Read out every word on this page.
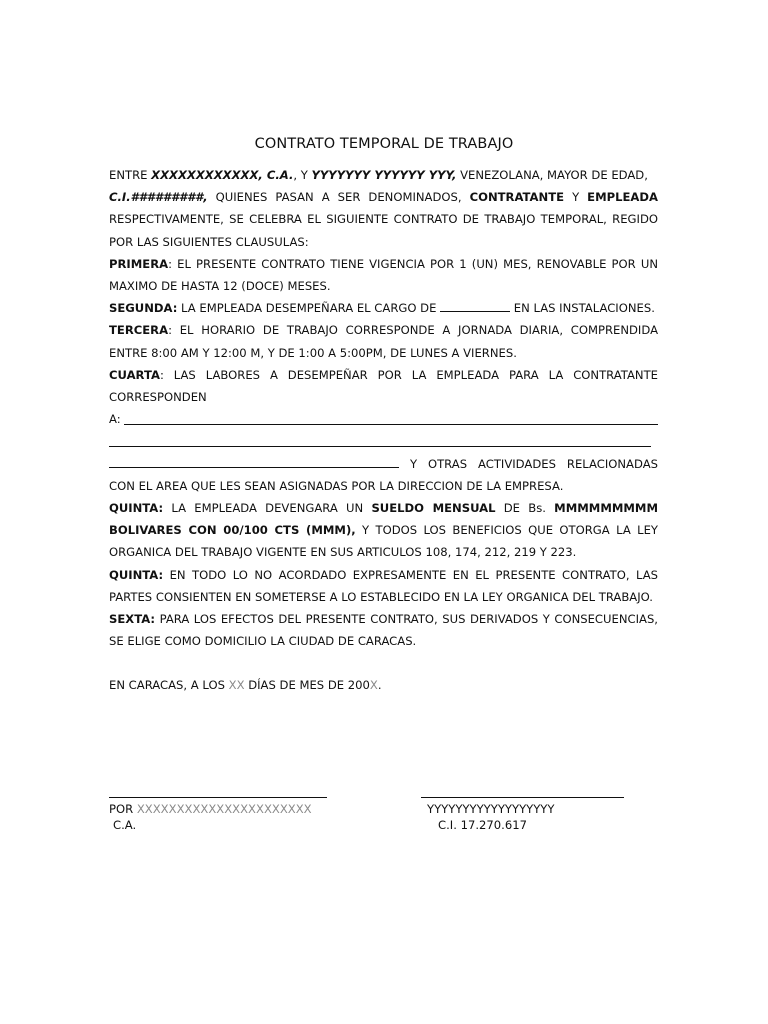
CONTRATO TEMPORAL DE TRABAJO
ENTRE XXXXXXXXXXXX, C.A., Y YYYYYYY YYYYYY YYY, VENEZOLANA, MAYOR DE EDAD,
C.I.#########, QUIENES PASAN A SER DENOMINADOS, CONTRATANTE Y EMPLEADA RESPECTIVAMENTE, SE CELEBRA EL SIGUIENTE CONTRATO DE TRABAJO TEMPORAL, REGIDO POR LAS SIGUIENTES CLAUSULAS:
PRIMERA: EL PRESENTE CONTRATO TIENE VIGENCIA POR 1 (UN) MES, RENOVABLE POR UN MAXIMO DE HASTA 12 (DOCE) MESES.
SEGUNDA: LA EMPLEADA DESEMPEÑARA EL CARGO DE	EN LAS INSTALACIONES.
TERCERA: EL HORARIO DE TRABAJO CORRESPONDE A JORNADA DIARIA, COMPRENDIDA ENTRE 8:00 AM Y 12:00 M, Y DE 1:00 A 5:00PM, DE LUNES A VIERNES.
CUARTA: LAS LABORES A DESEMPEÑAR POR LA EMPLEADA PARA LA CONTRATANTE CORRESPONDEN
A:
Y OTRAS ACTIVIDADES RELACIONADAS CON EL AREA QUE LES SEAN ASIGNADAS POR LA DIRECCION DE LA EMPRESA.
QUINTA: LA EMPLEADA DEVENGARA UN SUELDO MENSUAL DE Bs. MMMMMMMMM BOLIVARES CON 00/100 CTS (MMM), Y TODOS LOS BENEFICIOS QUE OTORGA LA LEY ORGANICA DEL TRABAJO VIGENTE EN SUS ARTICULOS 108, 174, 212, 219 Y 223.
QUINTA: EN TODO LO NO ACORDADO EXPRESAMENTE EN EL PRESENTE CONTRATO, LAS PARTES CONSIENTEN EN SOMETERSE A LO ESTABLECIDO EN LA LEY ORGANICA DEL TRABAJO.
SEXTA: PARA LOS EFECTOS DEL PRESENTE CONTRATO, SUS DERIVADOS Y CONSECUENCIAS, SE ELIGE COMO DOMICILIO LA CIUDAD DE CARACAS.
EN CARACAS, A LOS XX DÍAS DE MES DE 200X.
POR XXXXXXXXXXXXXXXXXXXXXX
C.A.
YYYYYYYYYYYYYYYYYY
C.I. 17.270.617
